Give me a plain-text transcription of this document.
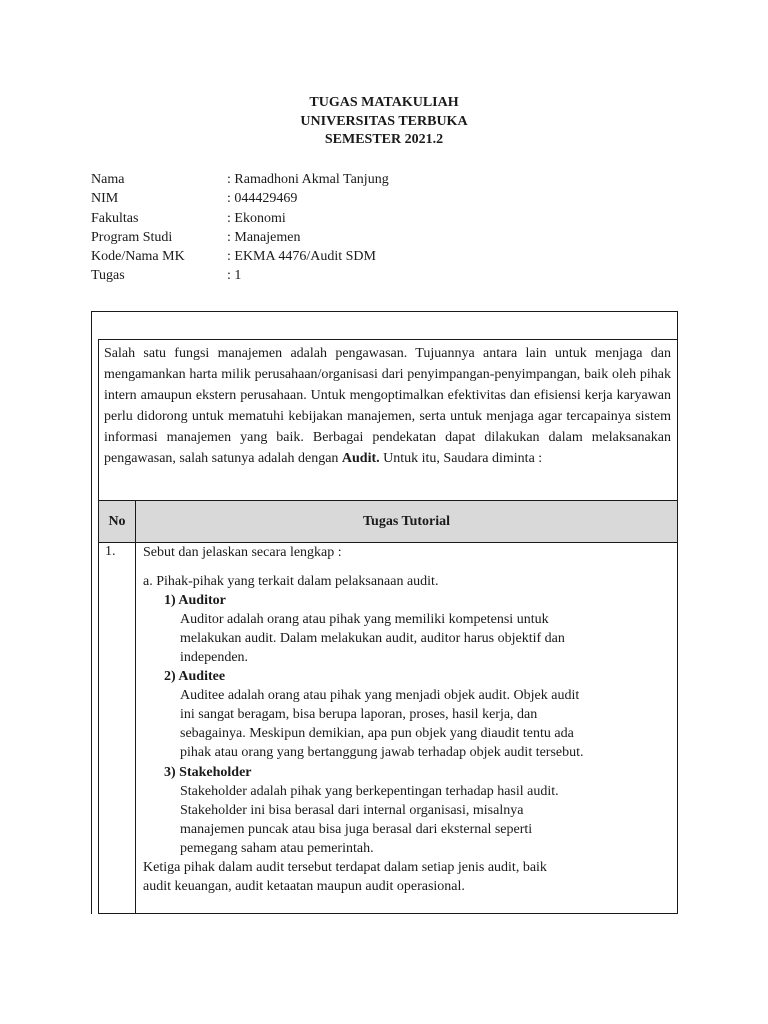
TUGAS MATAKULIAH
UNIVERSITAS TERBUKA
SEMESTER 2021.2
Nama	: Ramadhoni Akmal Tanjung
NIM	: 044429469
Fakultas	: Ekonomi
Program Studi	: Manajemen
Kode/Nama MK	: EKMA 4476/Audit SDM
Tugas	: 1
Salah satu fungsi manajemen adalah pengawasan. Tujuannya antara lain untuk menjaga dan mengamankan harta milik perusahaan/organisasi dari penyimpangan-penyimpangan, baik oleh pihak intern amaupun ekstern perusahaan. Untuk mengoptimalkan efektivitas dan efisiensi kerja karyawan perlu didorong untuk mematuhi kebijakan manajemen, serta untuk menjaga agar tercapainya sistem informasi manajemen yang baik. Berbagai pendekatan dapat dilakukan dalam melaksanakan pengawasan, salah satunya adalah dengan Audit. Untuk itu, Saudara diminta :
No	Tugas Tutorial
1.	Sebut dan jelaskan secara lengkap :
a. Pihak-pihak yang terkait dalam pelaksanaan audit.
1) Auditor
Auditor adalah orang atau pihak yang memiliki kompetensi untuk
melakukan audit. Dalam melakukan audit, auditor harus objektif dan
independen.
2) Auditee
Auditee adalah orang atau pihak yang menjadi objek audit. Objek audit
ini sangat beragam, bisa berupa laporan, proses, hasil kerja, dan
sebagainya. Meskipun demikian, apa pun objek yang diaudit tentu ada
pihak atau orang yang bertanggung jawab terhadap objek audit tersebut.
3) Stakeholder
Stakeholder adalah pihak yang berkepentingan terhadap hasil audit.
Stakeholder ini bisa berasal dari internal organisasi, misalnya
manajemen puncak atau bisa juga berasal dari eksternal seperti
pemegang saham atau pemerintah.
Ketiga pihak dalam audit tersebut terdapat dalam setiap jenis audit, baik
audit keuangan, audit ketaatan maupun audit operasional.
